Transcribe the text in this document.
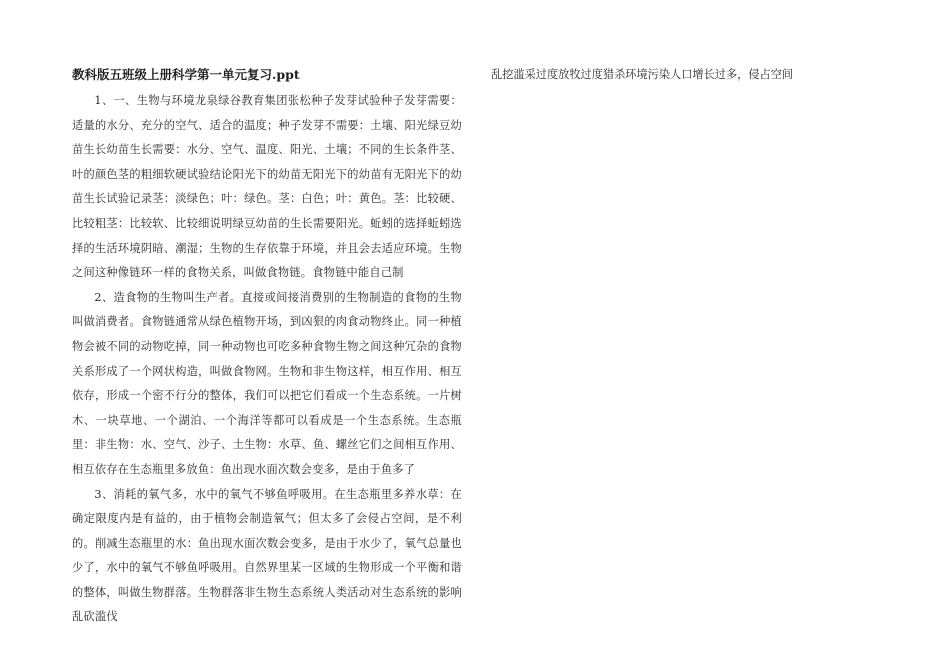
教科版五班级上册科学第一单元复习.ppt

1、一、生物与环境龙泉绿谷教育集团张松种子发芽试验种子发芽需要：适量的水分、充分的空气、适合的温度；种子发芽不需要：土壤、阳光绿豆幼苗生长幼苗生长需要：水分、空气、温度、阳光、土壤；不同的生长条件茎、叶的颜色茎的粗细软硬试验结论阳光下的幼苗无阳光下的幼苗有无阳光下的幼苗生长试验记录茎：淡绿色；叶：绿色。茎：白色；叶：黄色。茎：比较硬、比较粗茎：比较软、比较细说明绿豆幼苗的生长需要阳光。蚯蚓的选择蚯蚓选择的生活环境阴暗、潮湿；生物的生存依靠于环境，并且会去适应环境。生物之间这种像链环一样的食物关系，叫做食物链。食物链中能自己制

2、造食物的生物叫生产者。直接或间接消费别的生物制造的食物的生物叫做消费者。食物链通常从绿色植物开场，到凶狠的肉食动物终止。同一种植物会被不同的动物吃掉，同一种动物也可吃多种食物生物之间这种冗杂的食物关系形成了一个网状构造，叫做食物网。生物和非生物这样，相互作用、相互依存，形成一个密不行分的整体，我们可以把它们看成一个生态系统。一片树木、一块草地、一个湖泊、一个海洋等都可以看成是一个生态系统。生态瓶里：非生物：水、空气、沙子、土生物：水草、鱼、螺丝它们之间相互作用、相互依存在生态瓶里多放鱼：鱼出现水面次数会变多，是由于鱼多了

3、消耗的氧气多，水中的氧气不够鱼呼吸用。在生态瓶里多养水草：在确定限度内是有益的，由于植物会制造氧气；但太多了会侵占空间，是不利的。削减生态瓶里的水：鱼出现水面次数会变多，是由于水少了，氧气总量也少了，水中的氧气不够鱼呼吸用。自然界里某一区域的生物形成一个平衡和谐的整体，叫做生物群落。生物群落非生物生态系统人类活动对生态系统的影响乱砍滥伐

乱挖滥采过度放牧过度猎杀环境污染人口增长过多，侵占空间
